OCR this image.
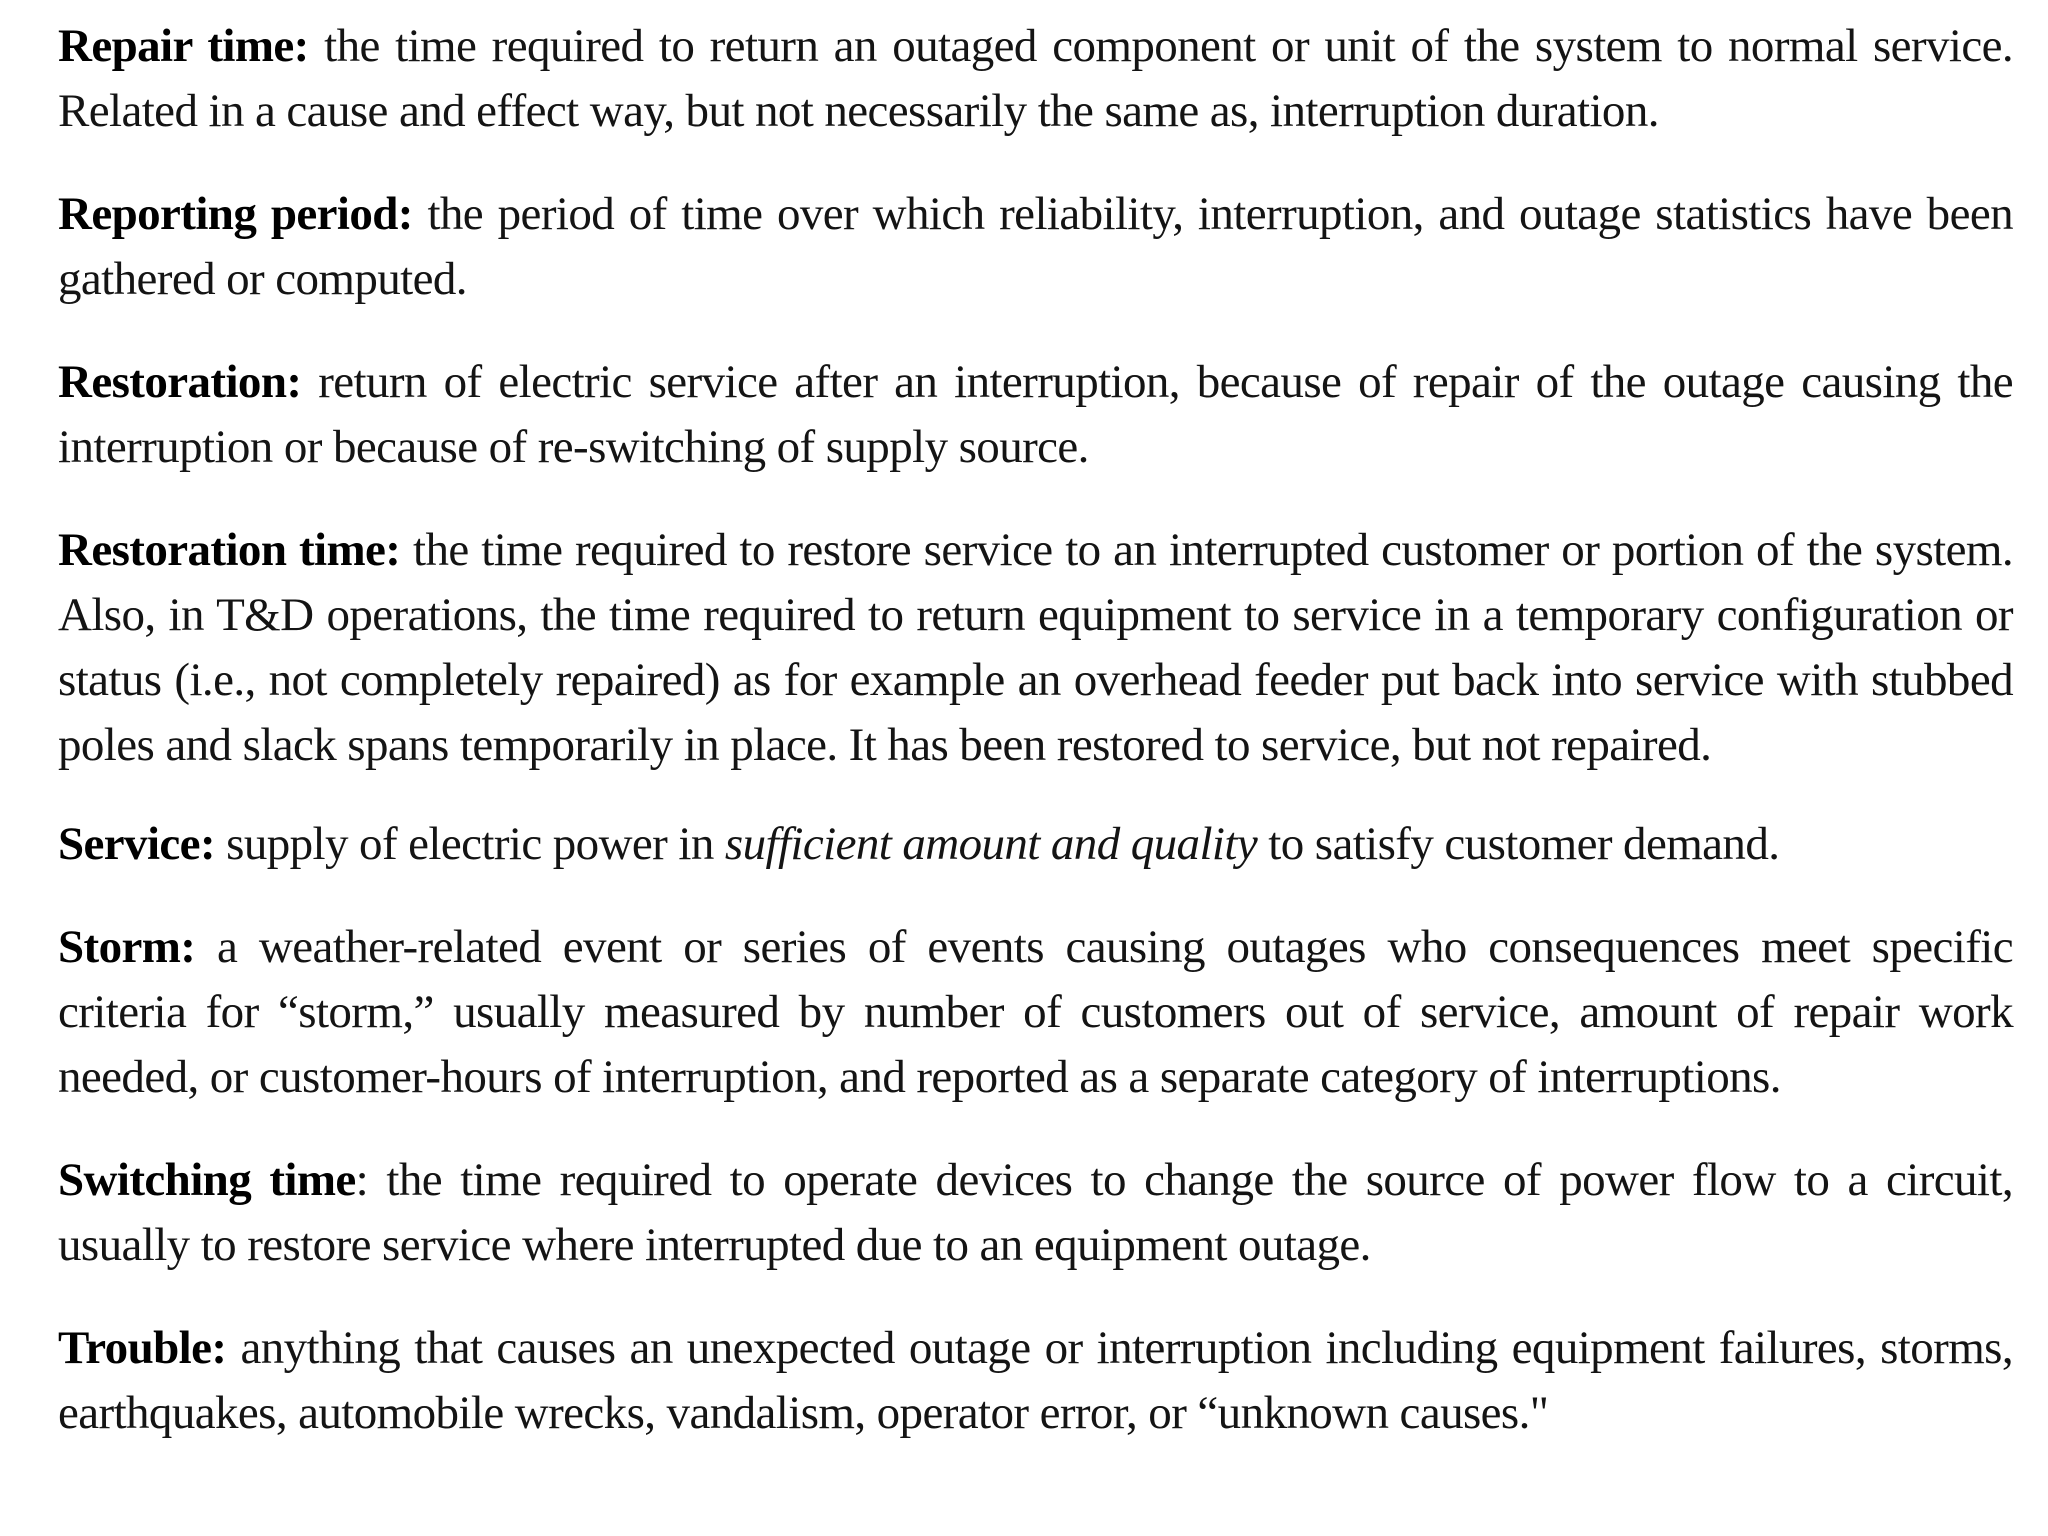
Repair time: the time required to return an outaged component or unit of the system to normal service. Related in a cause and effect way, but not necessarily the same as, interruption duration.

Reporting period: the period of time over which reliability, interruption, and outage statistics have been gathered or computed.

Restoration: return of electric service after an interruption, because of repair of the outage causing the interruption or because of re-switching of supply source.

Restoration time: the time required to restore service to an interrupted customer or portion of the system. Also, in T&D operations, the time required to return equipment to service in a temporary configuration or status (i.e., not completely repaired) as for example an overhead feeder put back into service with stubbed poles and slack spans temporarily in place. It has been restored to service, but not repaired.

Service: supply of electric power in sufficient amount and quality to satisfy customer demand.

Storm: a weather-related event or series of events causing outages who consequences meet specific criteria for “storm,” usually measured by number of customers out of service, amount of repair work needed, or customer-hours of interruption, and reported as a separate category of interruptions.

Switching time: the time required to operate devices to change the source of power flow to a circuit, usually to restore service where interrupted due to an equipment outage.

Trouble: anything that causes an unexpected outage or interruption including equipment failures, storms, earthquakes, automobile wrecks, vandalism, operator error, or “unknown causes."
